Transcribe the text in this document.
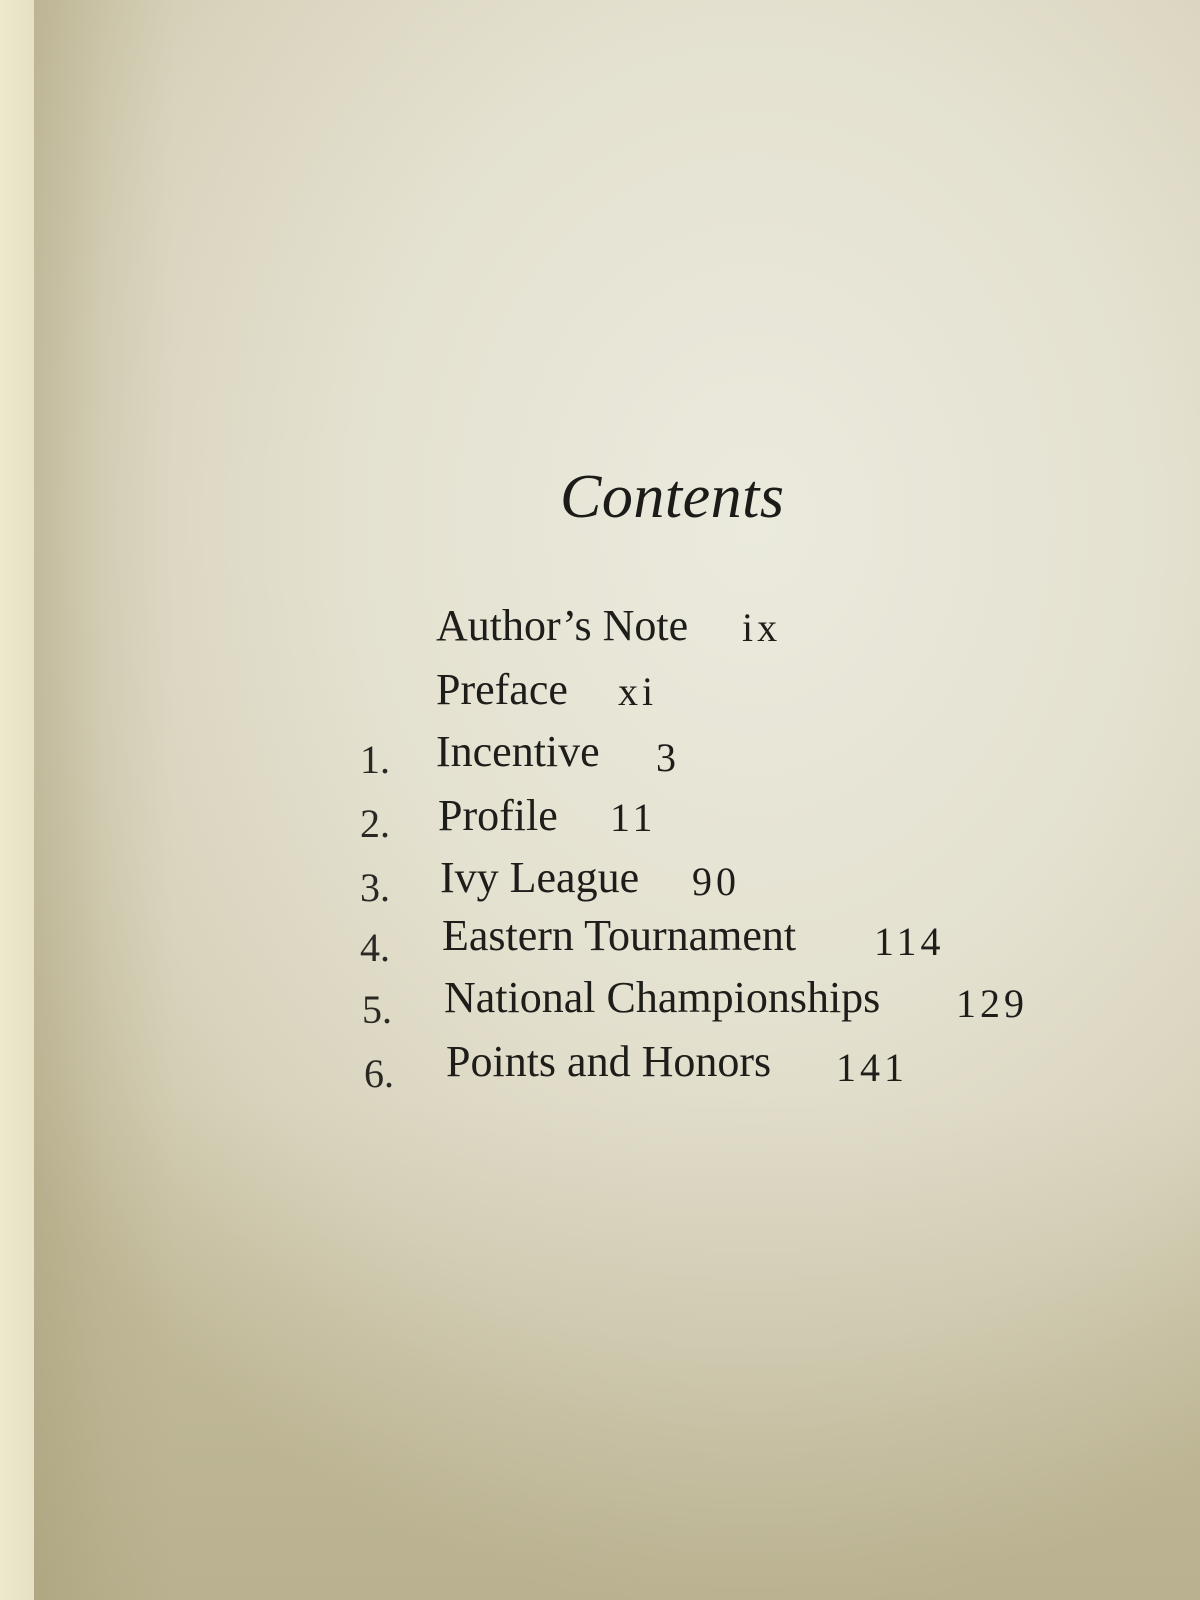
Contents
Author’s Note ix
Preface xi
1. Incentive 3
2. Profile 11
3. Ivy League 90
4. Eastern Tournament 114
5. National Championships 129
6. Points and Honors 141
